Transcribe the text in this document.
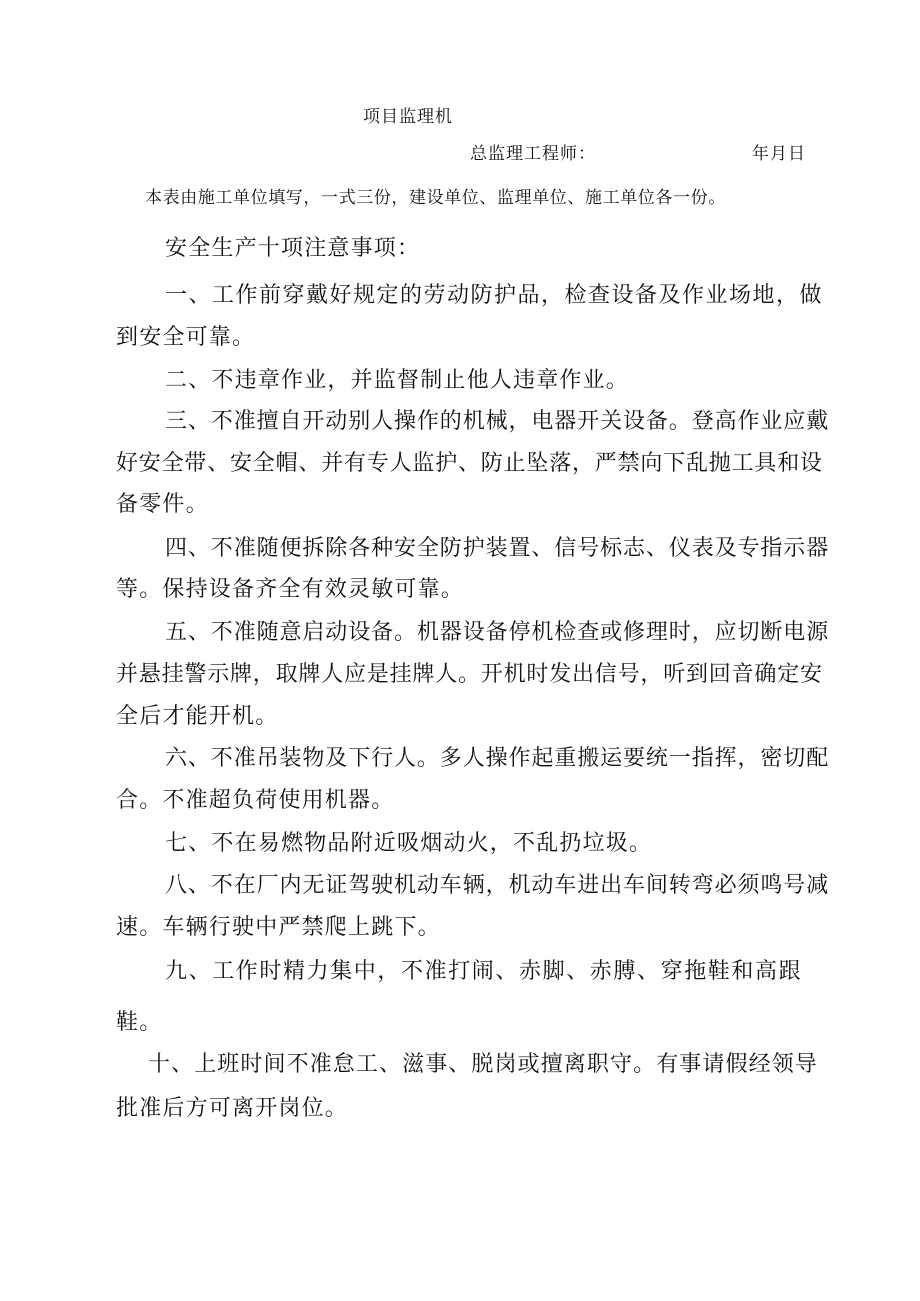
项目监理机
总监理工程师：	年月日
本表由施工单位填写，一式三份，建设单位、监理单位、施工单位各一份。
安全生产十项注意事项：
一、工作前穿戴好规定的劳动防护品，检查设备及作业场地，做
到安全可靠。
二、不违章作业，并监督制止他人违章作业。
三、不准擅自开动别人操作的机械，电器开关设备。登高作业应戴
好安全带、安全帽、并有专人监护、防止坠落，严禁向下乱抛工具和设
备零件。
四、不准随便拆除各种安全防护装置、信号标志、仪表及专指示器
等。保持设备齐全有效灵敏可靠。
五、不准随意启动设备。机器设备停机检查或修理时，应切断电源
并悬挂警示牌，取牌人应是挂牌人。开机时发出信号，听到回音确定安
全后才能开机。
六、不准吊装物及下行人。多人操作起重搬运要统一指挥，密切配
合。不准超负荷使用机器。
七、不在易燃物品附近吸烟动火，不乱扔垃圾。
八、不在厂内无证驾驶机动车辆，机动车进出车间转弯必须鸣号减
速。车辆行驶中严禁爬上跳下。
九、工作时精力集中，不准打闹、赤脚、赤膊、穿拖鞋和高跟
鞋。
十、上班时间不准怠工、滋事、脱岗或擅离职守。有事请假经领导
批准后方可离开岗位。
